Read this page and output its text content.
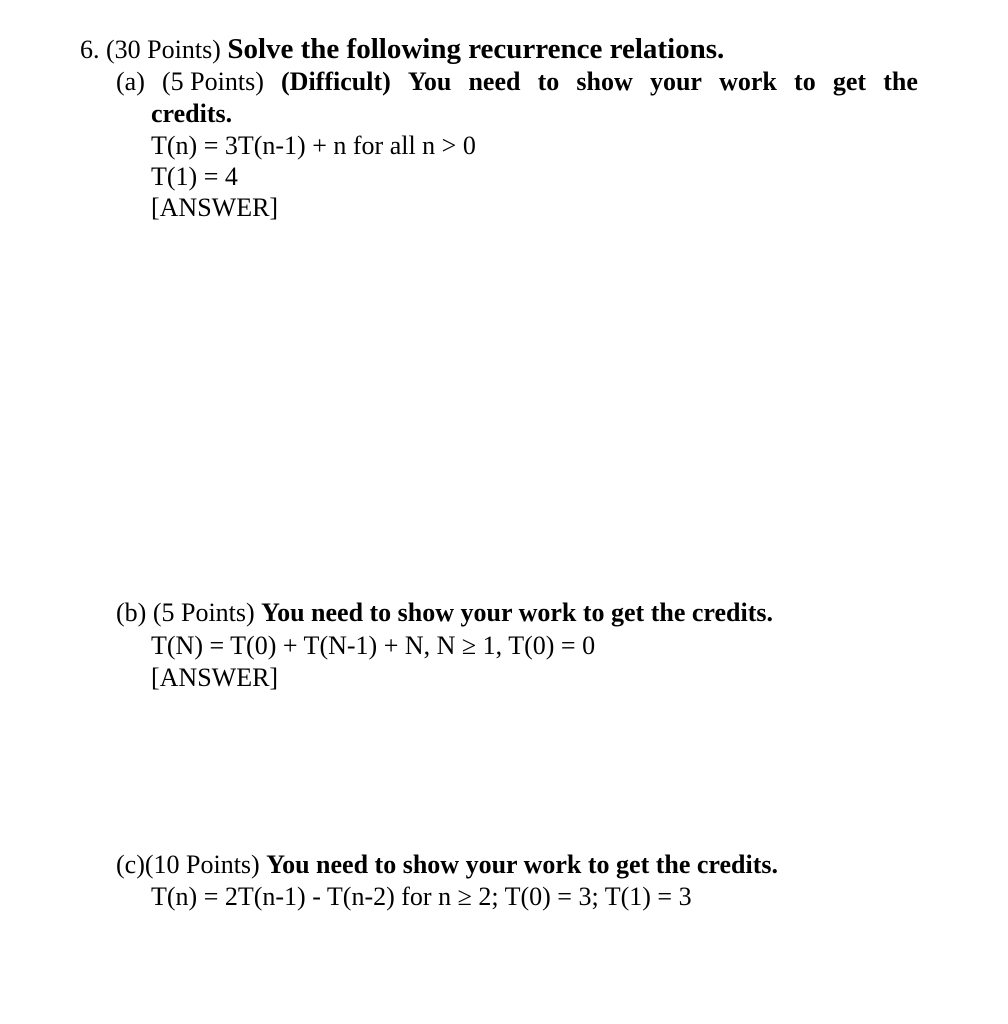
6. (30 Points) Solve the following recurrence relations.
(a) (5 Points) (Difficult) You need to show your work to get the
credits.
T(n) = 3T(n-1) + n for all n > 0
T(1) = 4
[ANSWER]
(b) (5 Points) You need to show your work to get the credits.
T(N) = T(0) + T(N-1) + N, N ≥ 1, T(0) = 0
[ANSWER]
(c)(10 Points) You need to show your work to get the credits.
T(n) = 2T(n-1) - T(n-2) for n ≥ 2; T(0) = 3; T(1) = 3
